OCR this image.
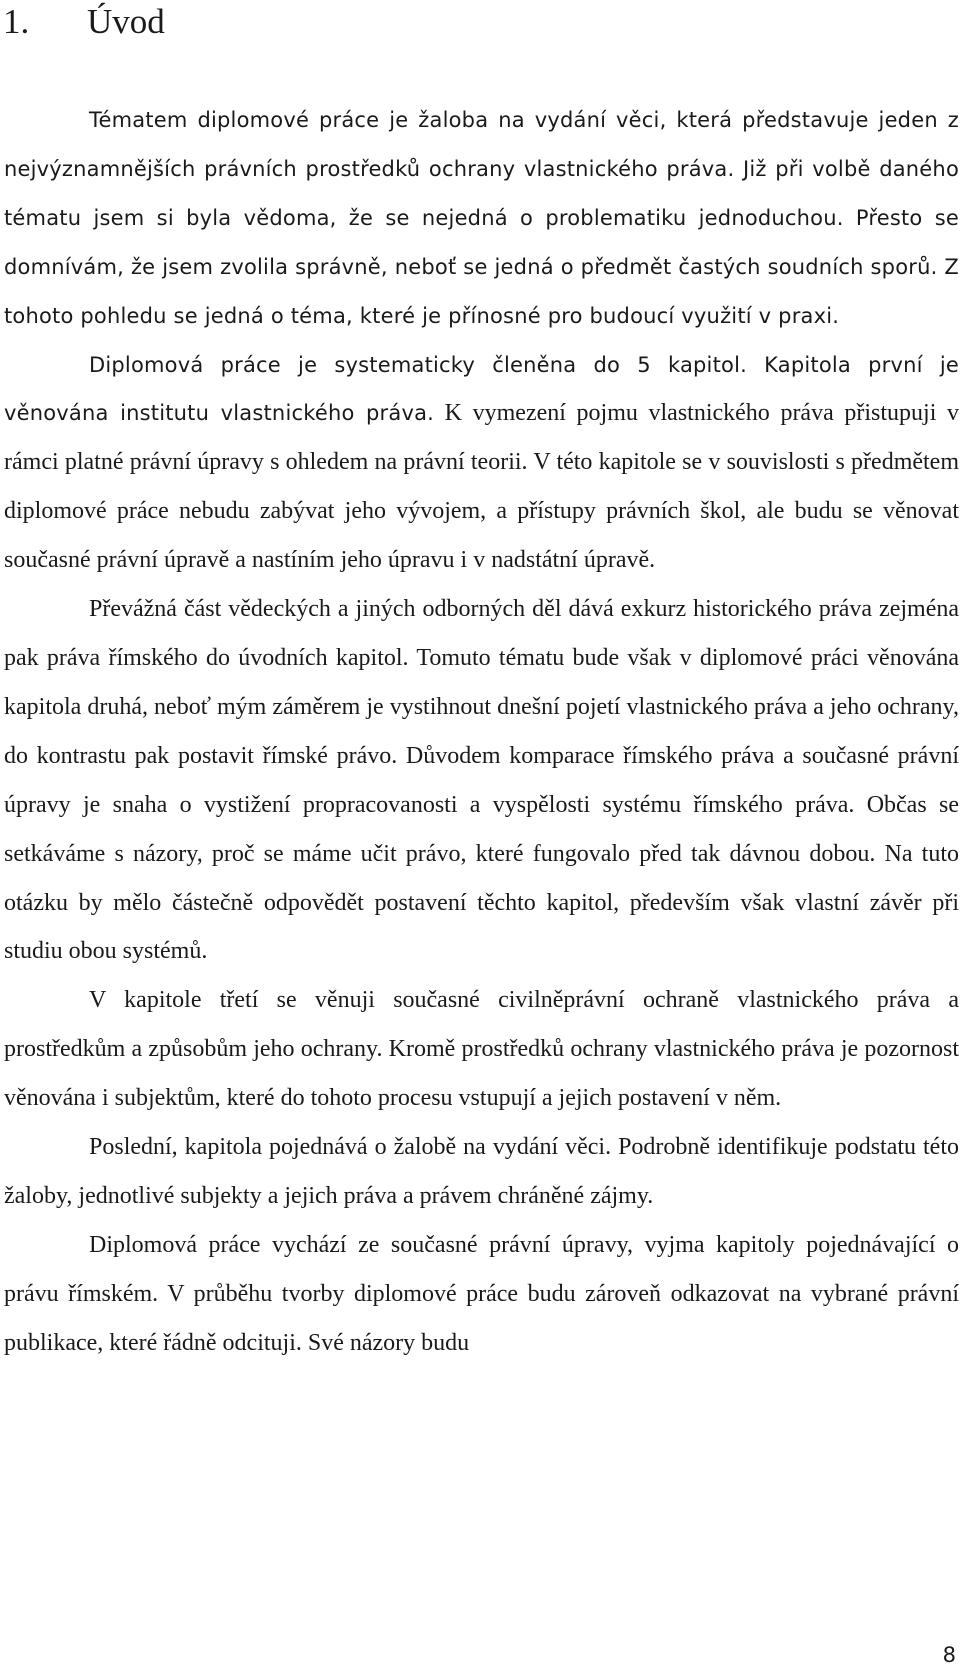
1. Úvod

Tématem diplomové práce je žaloba na vydání věci, která představuje jeden z nejvýznamnějších právních prostředků ochrany vlastnického práva. Již při volbě daného tématu jsem si byla vědoma, že se nejedná o problematiku jednoduchou. Přesto se domnívám, že jsem zvolila správně, neboť se jedná o předmět častých soudních sporů. Z tohoto pohledu se jedná o téma, které je přínosné pro budoucí využití v praxi.

Diplomová práce je systematicky členěna do 5 kapitol. Kapitola první je věnována institutu vlastnického práva. K vymezení pojmu vlastnického práva přistupuji v rámci platné právní úpravy s ohledem na právní teorii. V této kapitole se v souvislosti s předmětem diplomové práce nebudu zabývat jeho vývojem, a přístupy právních škol, ale budu se věnovat současné právní úpravě a nastíním jeho úpravu i v nadstátní úpravě.

Převážná část vědeckých a jiných odborných děl dává exkurz historického práva zejména pak práva římského do úvodních kapitol. Tomuto tématu bude však v diplomové práci věnována kapitola druhá, neboť mým záměrem je vystihnout dnešní pojetí vlastnického práva a jeho ochrany, do kontrastu pak postavit římské právo. Důvodem komparace římského práva a současné právní úpravy je snaha o vystižení propracovanosti a vyspělosti systému římského práva. Občas se setkáváme s názory, proč se máme učit právo, které fungovalo před tak dávnou dobou. Na tuto otázku by mělo částečně odpovědět postavení těchto kapitol, především však vlastní závěr při studiu obou systémů.

V kapitole třetí se věnuji současné civilněprávní ochraně vlastnického práva a prostředkům a způsobům jeho ochrany. Kromě prostředků ochrany vlastnického práva je pozornost věnována i subjektům, které do tohoto procesu vstupují a jejich postavení v něm.

Poslední, kapitola pojednává o žalobě na vydání věci. Podrobně identifikuje podstatu této žaloby, jednotlivé subjekty a jejich práva a právem chráněné zájmy.

Diplomová práce vychází ze současné právní úpravy, vyjma kapitoly pojednávající o právu římském. V průběhu tvorby diplomové práce budu zároveň odkazovat na vybrané právní publikace, které řádně odcituji. Své názory budu

8
